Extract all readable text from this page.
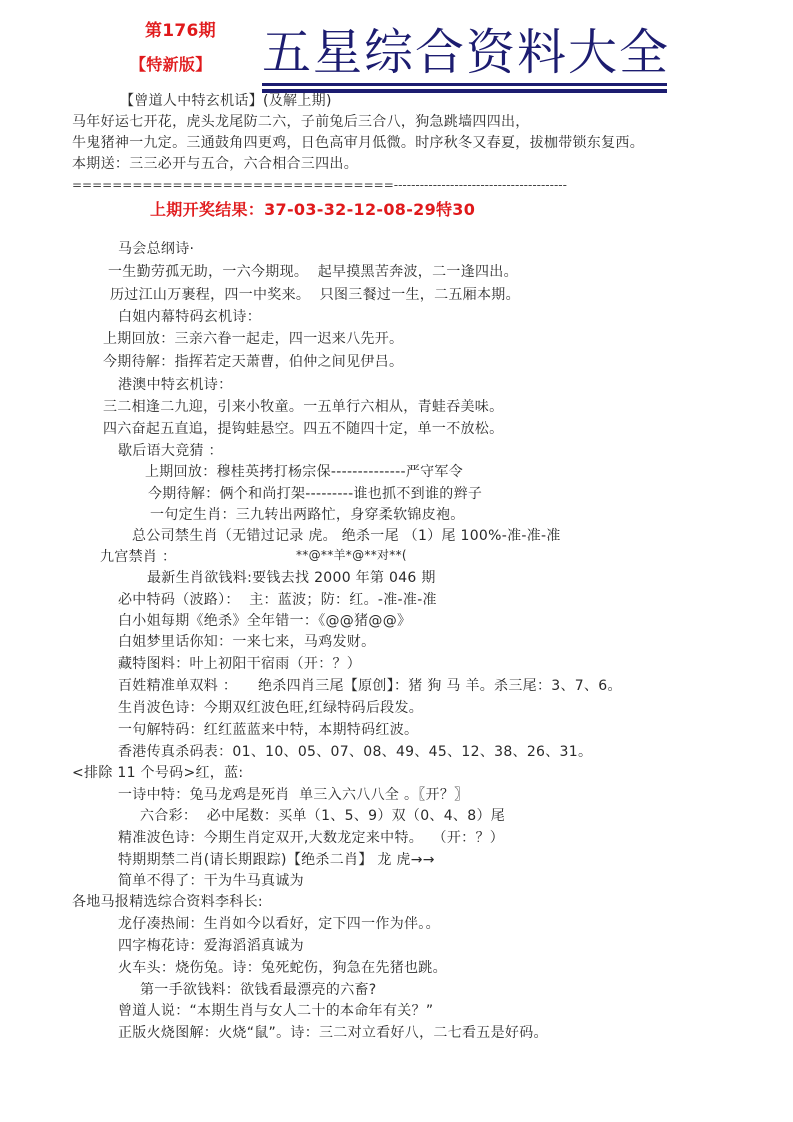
第176期
【特新版】 五星综合资料大全
【曾道人中特玄机话】(及解上期)
马年好运七开花，虎头龙尾防二六，子前兔后三合八，狗急跳墙四四出，
牛鬼猪神一九定。三通鼓角四更鸡，日色高审月低微。时序秋冬又春夏，拔枷带锁东复西。
本期送：三三必开与五合，六合相合三四出。
================================----------------------------------------
上期开奖结果：37-03-32-12-08-29特30
马会总纲诗·
一生勤劳孤无助，一六今期现。  起早摸黑苦奔波，二一逢四出。
历过江山万裹程，四一中奖来。  只图三餐过一生，二五厢本期。
白姐内幕特码玄机诗：
上期回放：三亲六眷一起走，四一迟来八先开。
今期待解：指挥若定天萧曹，伯仲之间见伊吕。
港澳中特玄机诗：
三二相逢二九迎，引来小牧童。一五单行六相从，青蛙吞美味。
四六奋起五直追，提钩蛙悬空。四五不随四十定，单一不放松。
歇后语大竞猜 ：
上期回放：穆桂英拷打杨宗保--------------严守军令
今期待解：俩个和尚打架---------谁也抓不到谁的辫子
一句定生肖：三九转出两路忙，身穿柔软锦皮袍。
总公司禁生肖（无错过记录 虎。 绝杀一尾 （1）尾 100%-准-准-准
九宫禁肖 ：	**@**羊*@**对**(
最新生肖欲钱料:要钱去找 2000 年第 046 期
必中特码（波路）：  主：蓝波；防：红。-准-准-准
白小姐每期《绝杀》全年错一：《@@猪@@》
白姐梦里话你知：一来七来，马鸡发财。
藏特图料：叶上初阳干宿雨（开：？）
百姓精准单双料 ： 绝杀四肖三尾【原创】：猪 狗 马 羊。杀三尾：3、7、6。
生肖波色诗：今期双红波色旺,红绿特码后段发。
一句解特码：红红蓝蓝来中特，本期特码红波。
香港传真杀码表：01、10、05、07、08、49、45、12、38、26、31。
<排除 11 个号码>红，蓝:
一诗中特：兔马龙鸡是死肖  单三入六八八全 。〖开？〗
六合彩：  必中尾数：买单（1、5、9）双（0、4、8）尾
精准波色诗：今期生肖定双开,大数龙定来中特。  （开：？）
特期期禁二肖(请长期跟踪)【绝杀二肖】 龙 虎→→
简单不得了：干为牛马真诚为
各地马报精选综合资料李科长:
龙仔凑热闹：生肖如今以看好，定下四一作为伴。。
四字梅花诗：爱海滔滔真诚为
火车头：烧伤兔。诗：兔死蛇伤，狗急在先猪也跳。
第一手欲钱料：欲钱看最漂亮的六畜?
曾道人说：“本期生肖与女人二十的本命年有关？”
正版火烧图解：火烧“鼠”。诗：三二对立看好八，二七看五是好码。
